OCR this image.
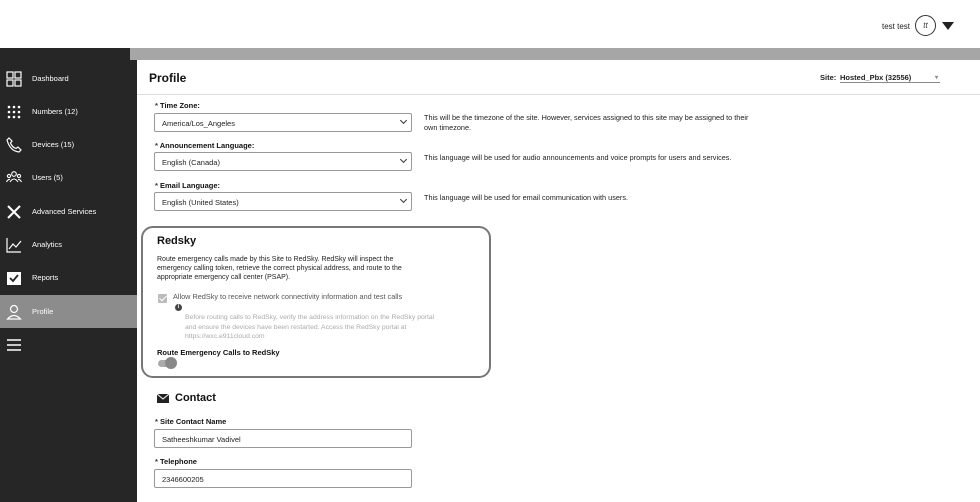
test test	tt
Dashboard
Numbers (12)
Devices (15)
Users (5)
Advanced Services
Analytics
Reports
Profile
Profile	Site: Hosted_Pbx (32556)	▾
* Time Zone:
America/Los_Angeles
This will be the timezone of the site. However, services assigned to this site may be assigned to their own timezone.
* Announcement Language:
English (Canada)
This language will be used for audio announcements and voice prompts for users and services.
* Email Language:
English (United States)
This language will be used for email communication with users.
Redsky
Route emergency calls made by this Site to RedSky. RedSky will inspect the emergency calling token, retrieve the correct physical address, and route to the appropriate emergency call center (PSAP).
Allow RedSky to receive network connectivity information and test callsi
Before routing calls to RedSky, verify the address information on the RedSky portal and ensure the devices have been restarted. Access the RedSky portal at https://wxc.e911cloud.com
Route Emergency Calls to RedSky
Contact
* Site Contact Name
Satheeshkumar Vadivel
* Telephone
2346600205
